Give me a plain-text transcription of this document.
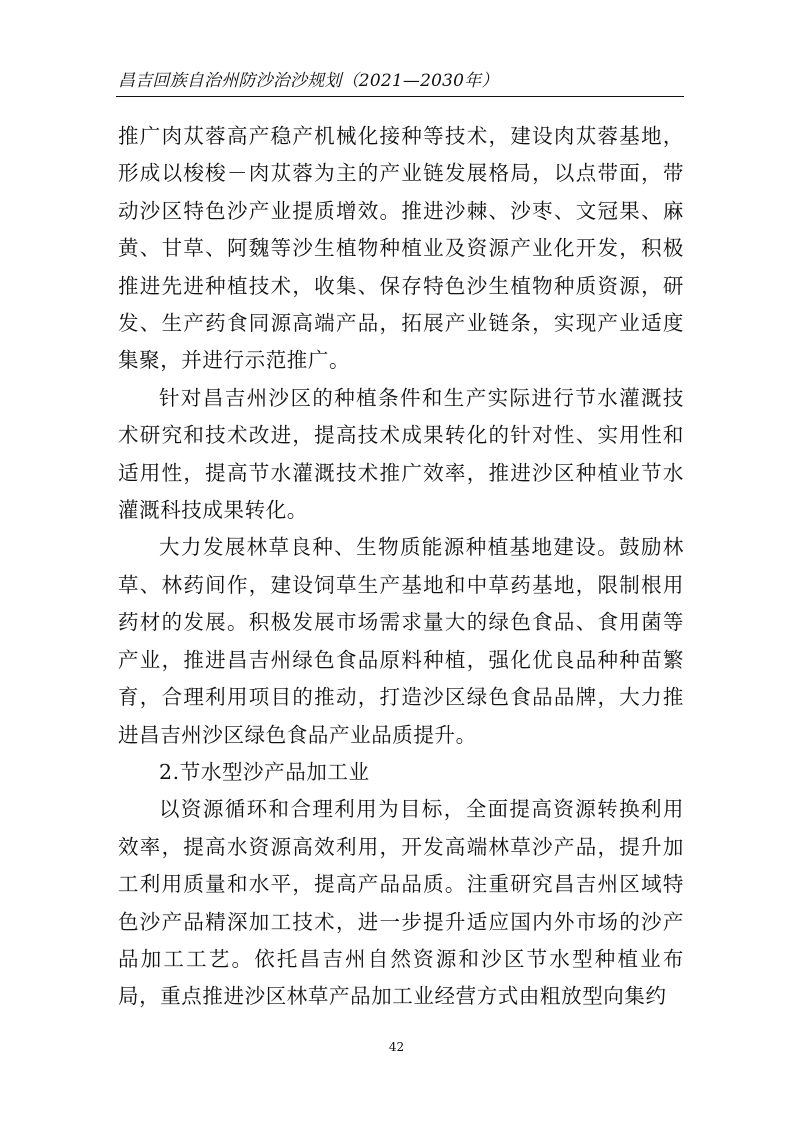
昌吉回族自治州防沙治沙规划（2021—2030年）

推广肉苁蓉高产稳产机械化接种等技术，建设肉苁蓉基地，形成以梭梭－肉苁蓉为主的产业链发展格局，以点带面，带动沙区特色沙产业提质增效。推进沙棘、沙枣、文冠果、麻黄、甘草、阿魏等沙生植物种植业及资源产业化开发，积极推进先进种植技术，收集、保存特色沙生植物种质资源，研发、生产药食同源高端产品，拓展产业链条，实现产业适度集聚，并进行示范推广。

针对昌吉州沙区的种植条件和生产实际进行节水灌溉技术研究和技术改进，提高技术成果转化的针对性、实用性和适用性，提高节水灌溉技术推广效率，推进沙区种植业节水灌溉科技成果转化。

大力发展林草良种、生物质能源种植基地建设。鼓励林草、林药间作，建设饲草生产基地和中草药基地，限制根用药材的发展。积极发展市场需求量大的绿色食品、食用菌等产业，推进昌吉州绿色食品原料种植，强化优良品种种苗繁育，合理利用项目的推动，打造沙区绿色食品品牌，大力推进昌吉州沙区绿色食品产业品质提升。

2.节水型沙产品加工业

以资源循环和合理利用为目标，全面提高资源转换利用效率，提高水资源高效利用，开发高端林草沙产品，提升加工利用质量和水平，提高产品品质。注重研究昌吉州区域特色沙产品精深加工技术，进一步提升适应国内外市场的沙产品加工工艺。依托昌吉州自然资源和沙区节水型种植业布局，重点推进沙区林草产品加工业经营方式由粗放型向集约

42
